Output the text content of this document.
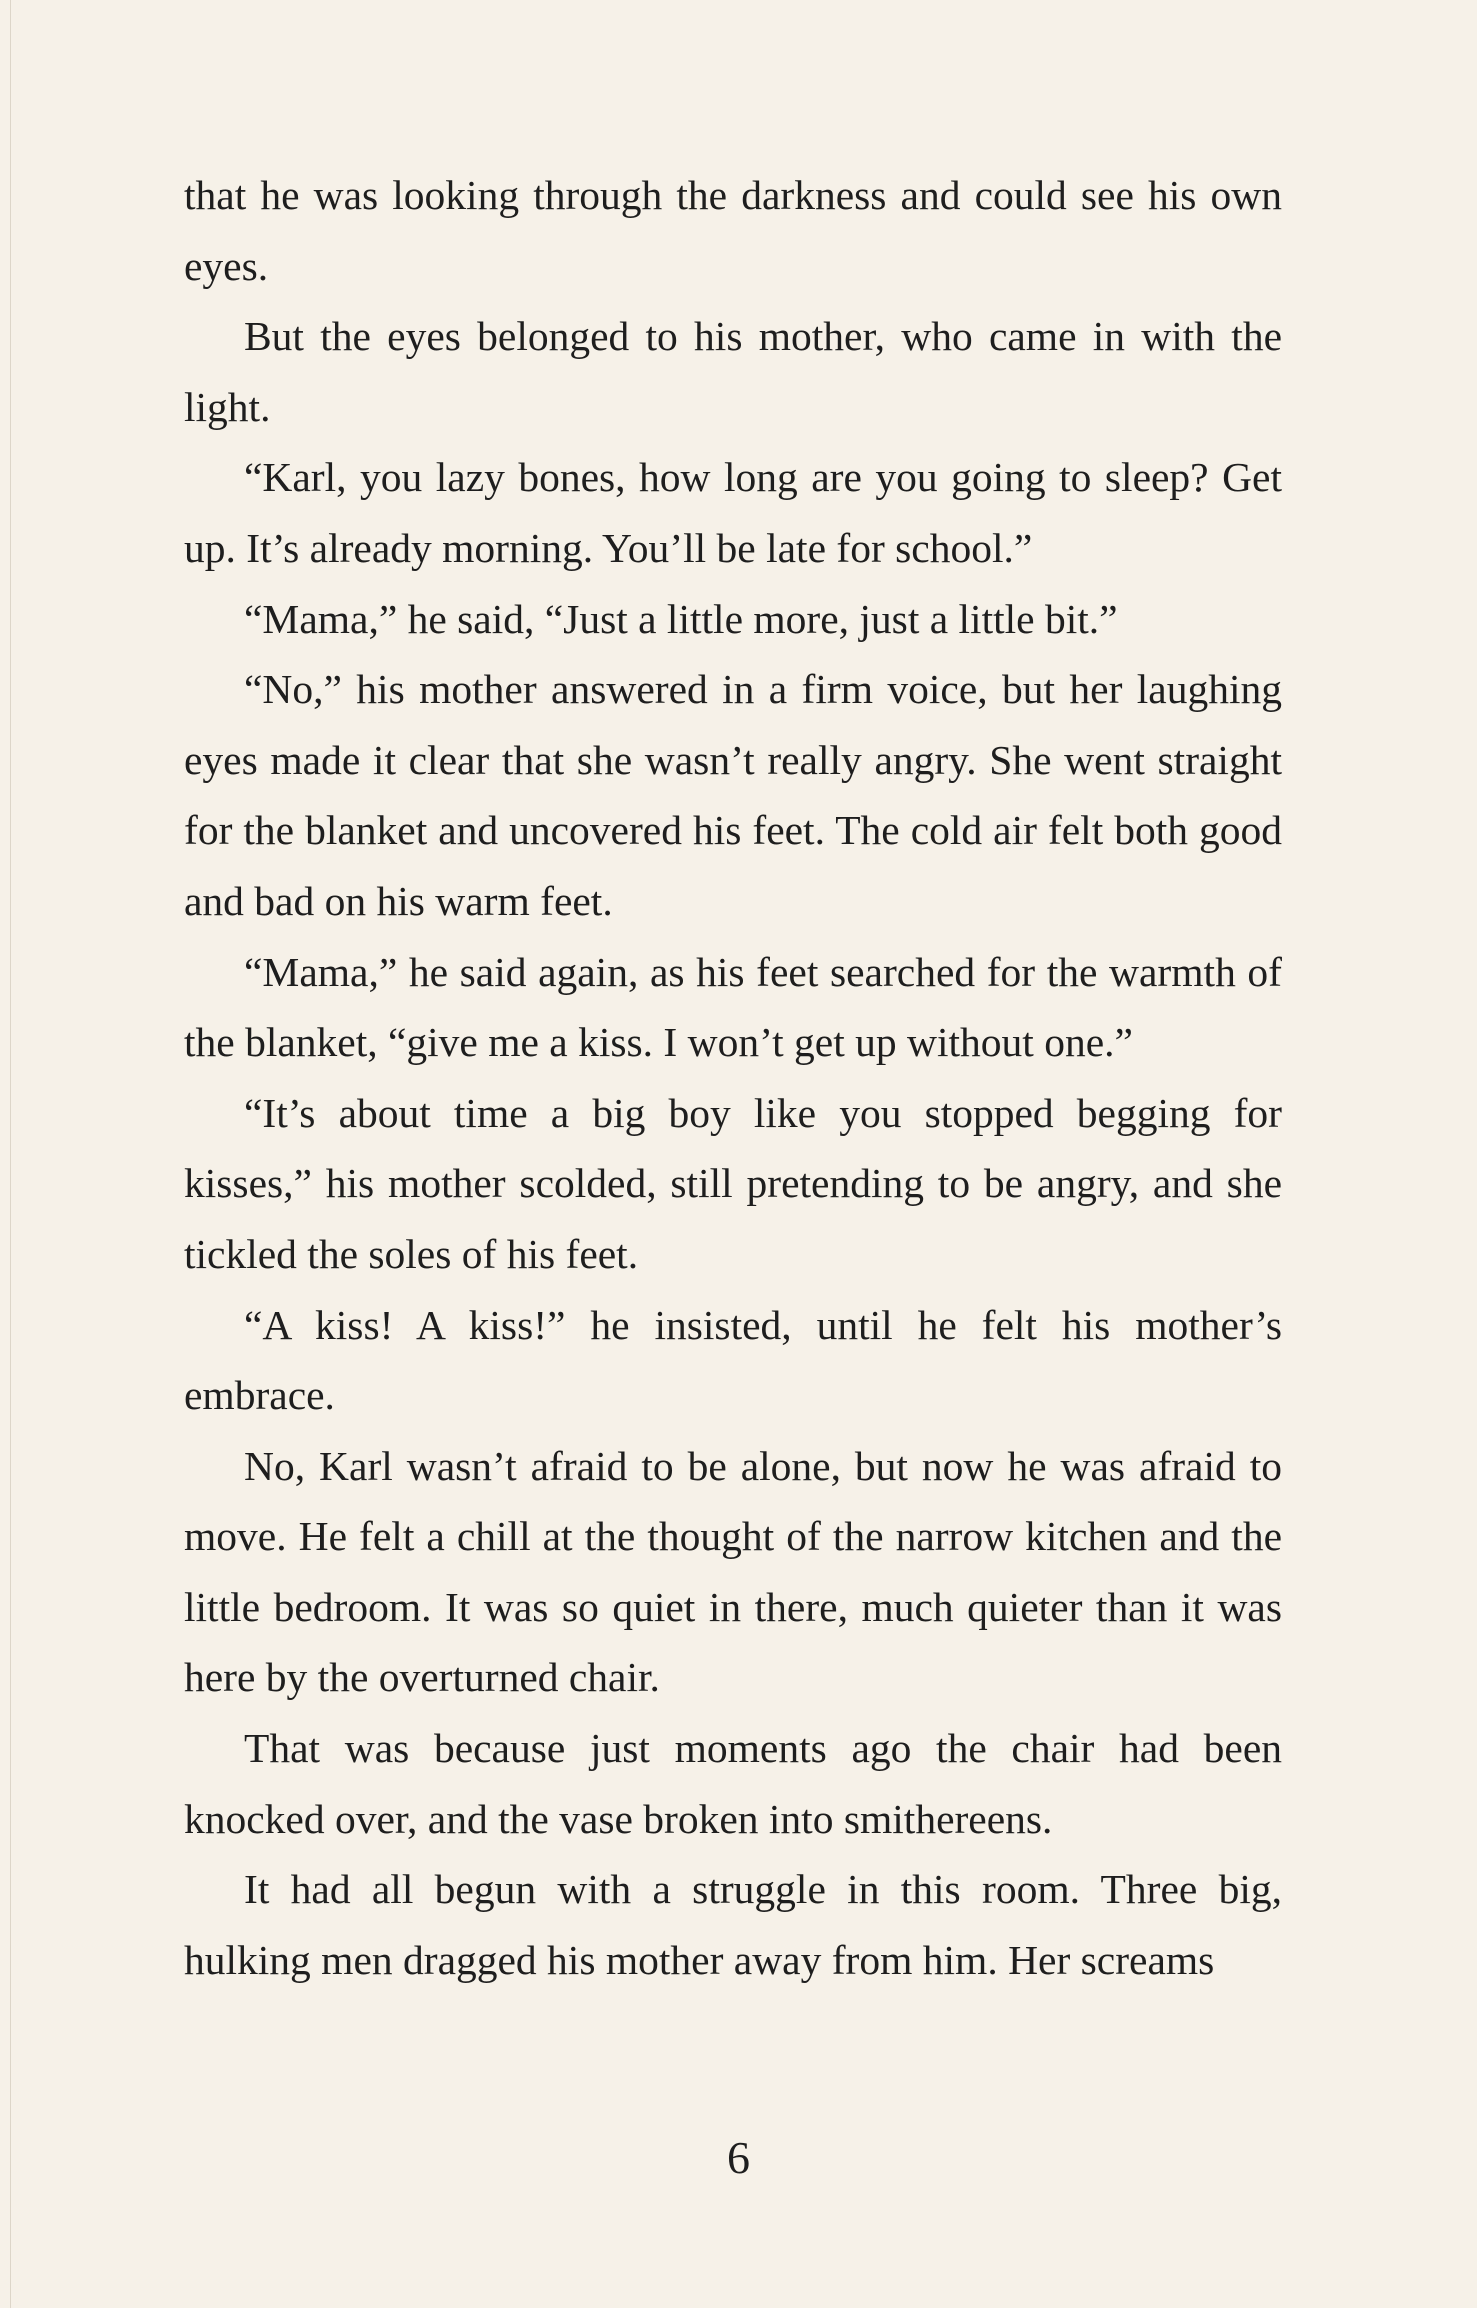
that he was looking through the darkness and could see his own eyes.

But the eyes belonged to his mother, who came in with the light.

“Karl, you lazy bones, how long are you going to sleep? Get up. It’s already morning. You’ll be late for school.”

“Mama,” he said, “Just a little more, just a little bit.”

“No,” his mother answered in a firm voice, but her laughing eyes made it clear that she wasn’t really angry. She went straight for the blanket and uncovered his feet. The cold air felt both good and bad on his warm feet.

“Mama,” he said again, as his feet searched for the warmth of the blanket, “give me a kiss. I won’t get up without one.”

“It’s about time a big boy like you stopped begging for kisses,” his mother scolded, still pretending to be angry, and she tickled the soles of his feet.

“A kiss! A kiss!” he insisted, until he felt his mother’s embrace.

No, Karl wasn’t afraid to be alone, but now he was afraid to move. He felt a chill at the thought of the narrow kitchen and the little bedroom. It was so quiet in there, much quieter than it was here by the overturned chair.

That was because just moments ago the chair had been knocked over, and the vase broken into smithereens.

It had all begun with a struggle in this room. Three big, hulking men dragged his mother away from him. Her screams

6
